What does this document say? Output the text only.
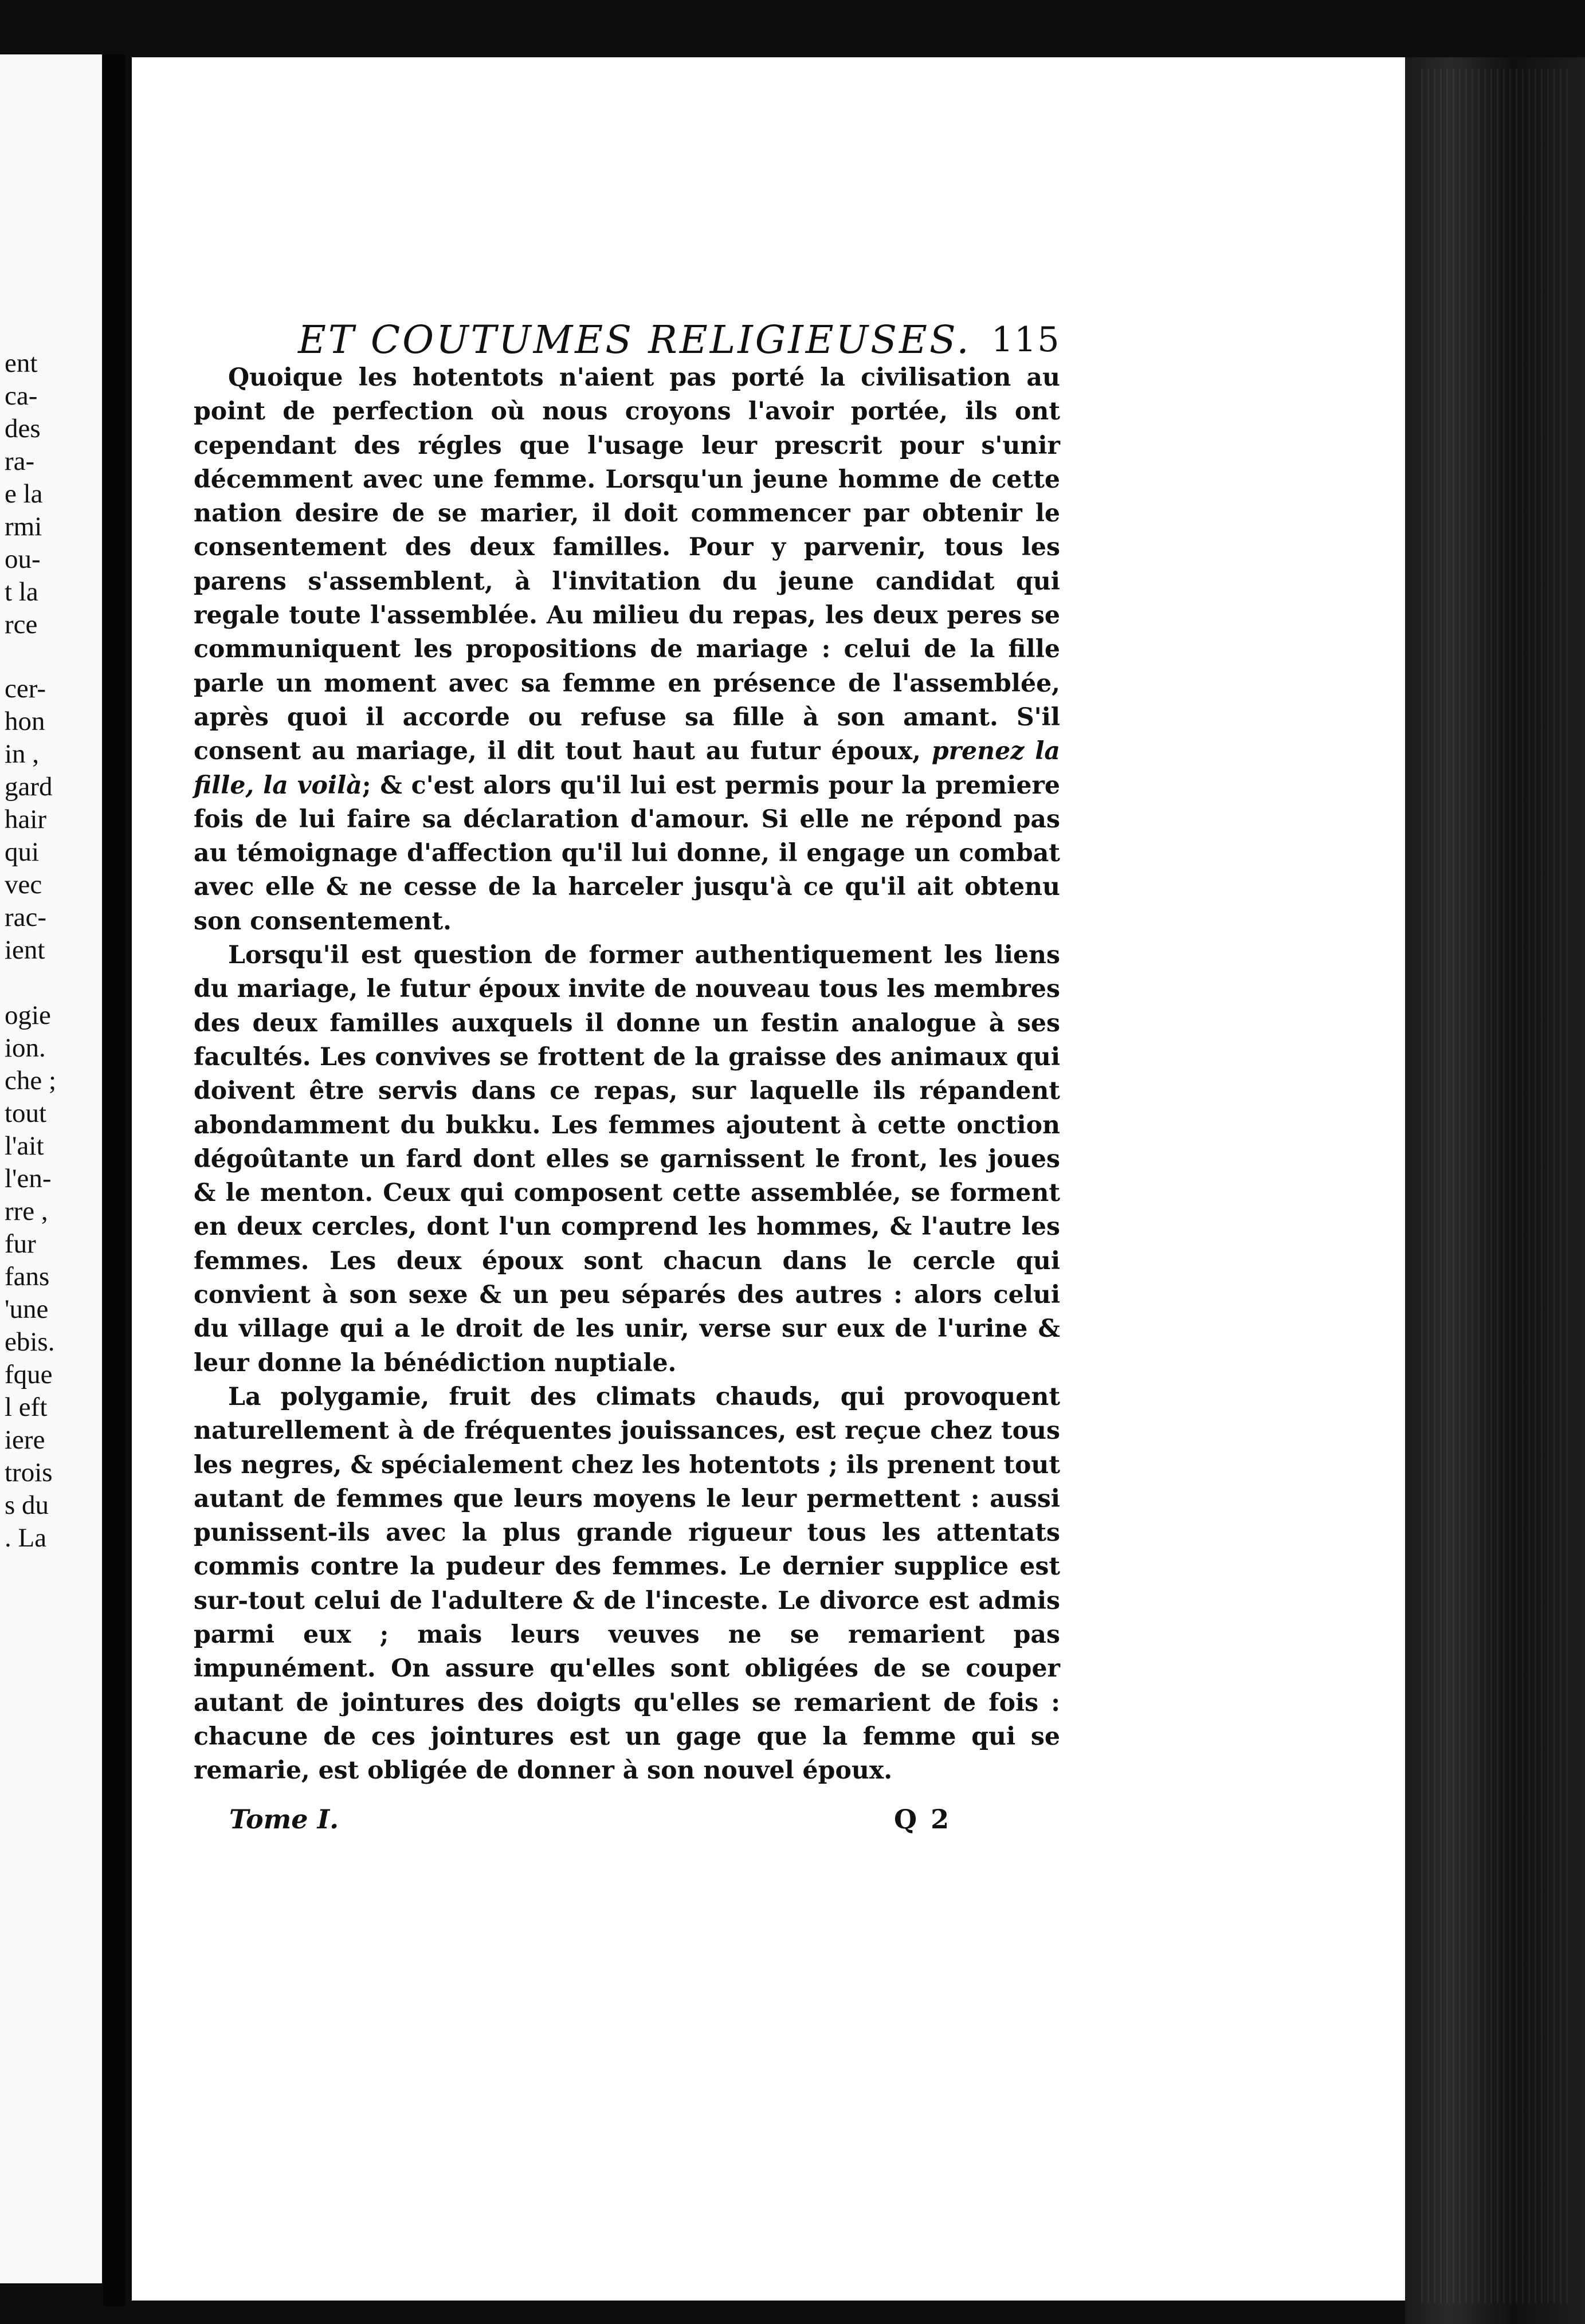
ent
ca-
des
ra-
e la
rmi
ou-
t la
rce
cer-
hon
in ,
gard
hair
qui
vec
rac-
ient
ogie
ion.
che ;
tout
l'ait
l'en-
rre ,
fur
fans
'une
ebis.
fque
l eft
iere
trois
s du
. La
ET COUTUMES RELIGIEUSES. 115

Quoique les hotentots n'aient pas porté la civilisation au point de perfection où nous croyons l'avoir portée, ils ont cependant des régles que l'usage leur prescrit pour s'unir décemment avec une femme. Lorsqu'un jeune homme de cette nation desire de se marier, il doit commencer par obtenir le consentement des deux familles. Pour y parvenir, tous les parens s'assemblent, à l'invitation du jeune candidat qui regale toute l'assemblée. Au milieu du repas, les deux peres se communiquent les propositions de mariage : celui de la fille parle un moment avec sa femme en présence de l'assemblée, après quoi il accorde ou refuse sa fille à son amant. S'il consent au mariage, il dit tout haut au futur époux, prenez la fille, la voilà; & c'est alors qu'il lui est permis pour la premiere fois de lui faire sa déclaration d'amour. Si elle ne répond pas au témoignage d'affection qu'il lui donne, il engage un combat avec elle & ne cesse de la harceler jusqu'à ce qu'il ait obtenu son consentement.

Lorsqu'il est question de former authentiquement les liens du mariage, le futur époux invite de nouveau tous les membres des deux familles auxquels il donne un festin analogue à ses facultés. Les convives se frottent de la graisse des animaux qui doivent être servis dans ce repas, sur laquelle ils répandent abondamment du bukku. Les femmes ajoutent à cette onction dégoûtante un fard dont elles se garnissent le front, les joues & le menton. Ceux qui composent cette assemblée, se forment en deux cercles, dont l'un comprend les hommes, & l'autre les femmes. Les deux époux sont chacun dans le cercle qui convient à son sexe & un peu séparés des autres : alors celui du village qui a le droit de les unir, verse sur eux de l'urine & leur donne la bénédiction nuptiale.

La polygamie, fruit des climats chauds, qui provoquent naturellement à de fréquentes jouissances, est reçue chez tous les negres, & spécialement chez les hotentots ; ils prenent tout autant de femmes que leurs moyens le leur permettent : aussi punissent-ils avec la plus grande rigueur tous les attentats commis contre la pudeur des femmes. Le dernier supplice est sur-tout celui de l'adultere & de l'inceste. Le divorce est admis parmi eux ; mais leurs veuves ne se remarient pas impunément. On assure qu'elles sont obligées de se couper autant de jointures des doigts qu'elles se remarient de fois : chacune de ces jointures est un gage que la femme qui se remarie, est obligée de donner à son nouvel époux.

Tome I.	Q 2
